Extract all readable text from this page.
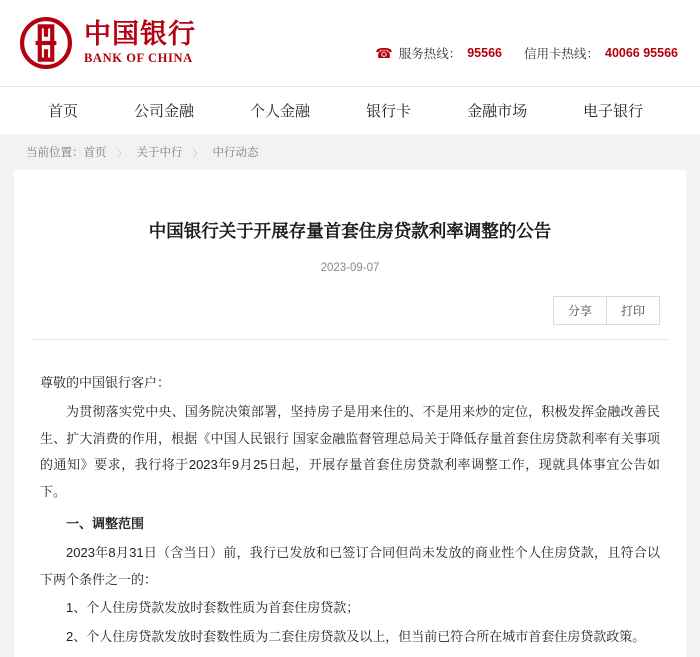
中国银行
BANK OF CHINA	☎ 服务热线： 95566 信用卡热线： 40066 95566
首页	公司金融	个人金融	银行卡	金融市场	电子银行
当前位置： 首页 〉 关于中行 〉 中行动态
中国银行关于开展存量首套住房贷款利率调整的公告
2023-09-07
分享	打印

尊敬的中国银行客户：

为贯彻落实党中央、国务院决策部署，坚持房子是用来住的、不是用来炒的定位，积极发挥金融改善民生、扩大消费的作用，根据《中国人民银行 国家金融监督管理总局关于降低存量首套住房贷款利率有关事项的通知》要求，我行将于2023年9月25日起，开展存量首套住房贷款利率调整工作，现就具体事宜公告如下。

一、调整范围

2023年8月31日（含当日）前，我行已发放和已签订合同但尚未发放的商业性个人住房贷款，且符合以下两个条件之一的：

1、个人住房贷款发放时套数性质为首套住房贷款；

2、个人住房贷款发放时套数性质为二套住房贷款及以上，但当前已符合所在城市首套住房贷款政策。
